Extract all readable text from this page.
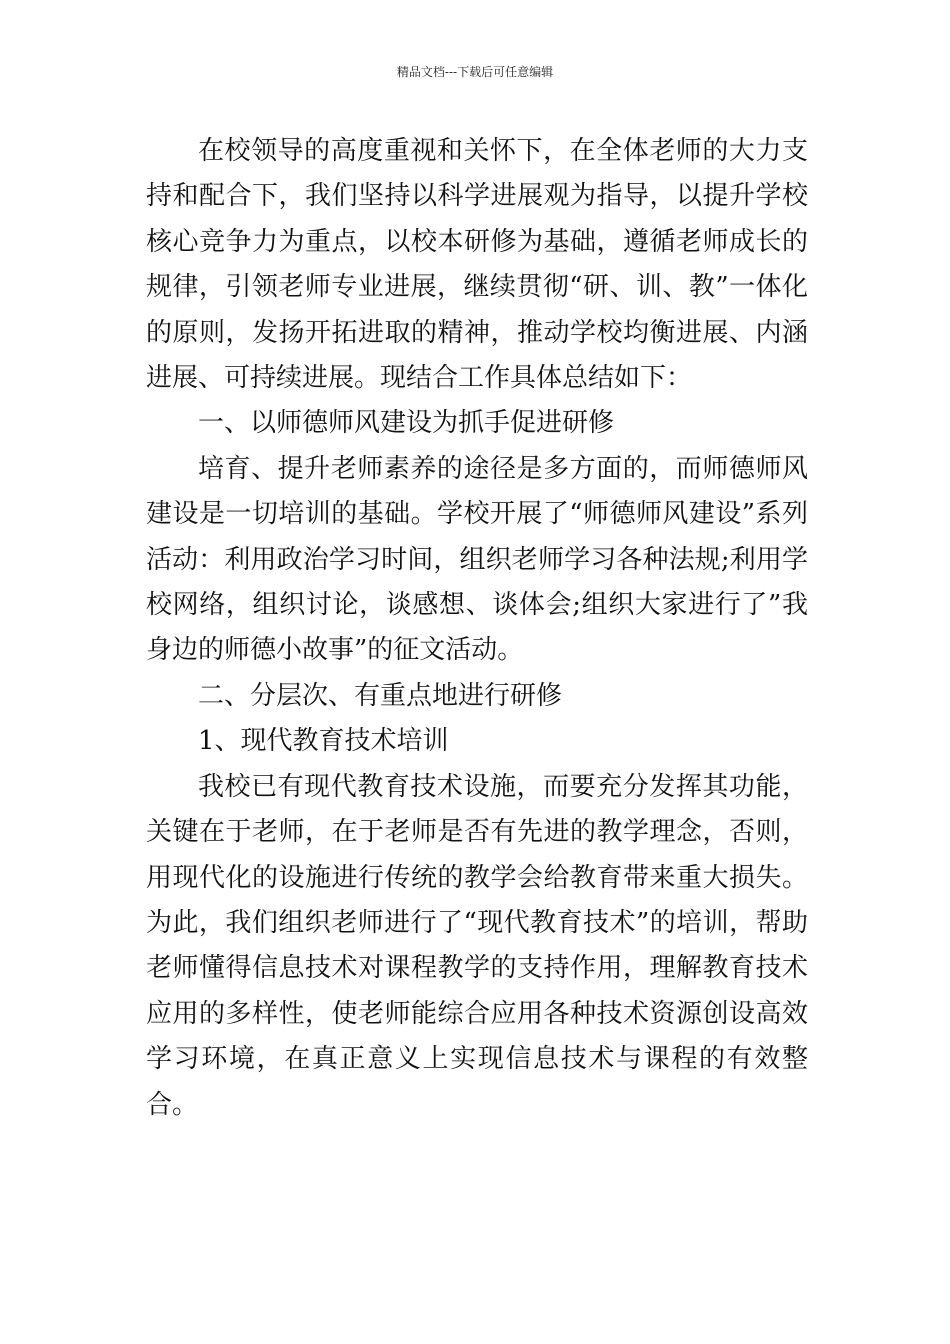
精品文档---下载后可任意编辑

在校领导的高度重视和关怀下，在全体老师的大力支持和配合下，我们坚持以科学进展观为指导，以提升学校核心竞争力为重点，以校本研修为基础，遵循老师成长的规律，引领老师专业进展，继续贯彻“研、训、教”一体化的原则，发扬开拓进取的精神，推动学校均衡进展、内涵进展、可持续进展。现结合工作具体总结如下：

一、以师德师风建设为抓手促进研修

培育、提升老师素养的途径是多方面的，而师德师风建设是一切培训的基础。学校开展了“师德师风建设”系列活动：利用政治学习时间，组织老师学习各种法规;利用学校网络，组织讨论，谈感想、谈体会;组织大家进行了”我身边的师德小故事”的征文活动。

二、分层次、有重点地进行研修

1、现代教育技术培训

我校已有现代教育技术设施，而要充分发挥其功能，关键在于老师，在于老师是否有先进的教学理念，否则，用现代化的设施进行传统的教学会给教育带来重大损失。为此，我们组织老师进行了“现代教育技术”的培训，帮助老师懂得信息技术对课程教学的支持作用，理解教育技术应用的多样性，使老师能综合应用各种技术资源创设高效学习环境，在真正意义上实现信息技术与课程的有效整合。
